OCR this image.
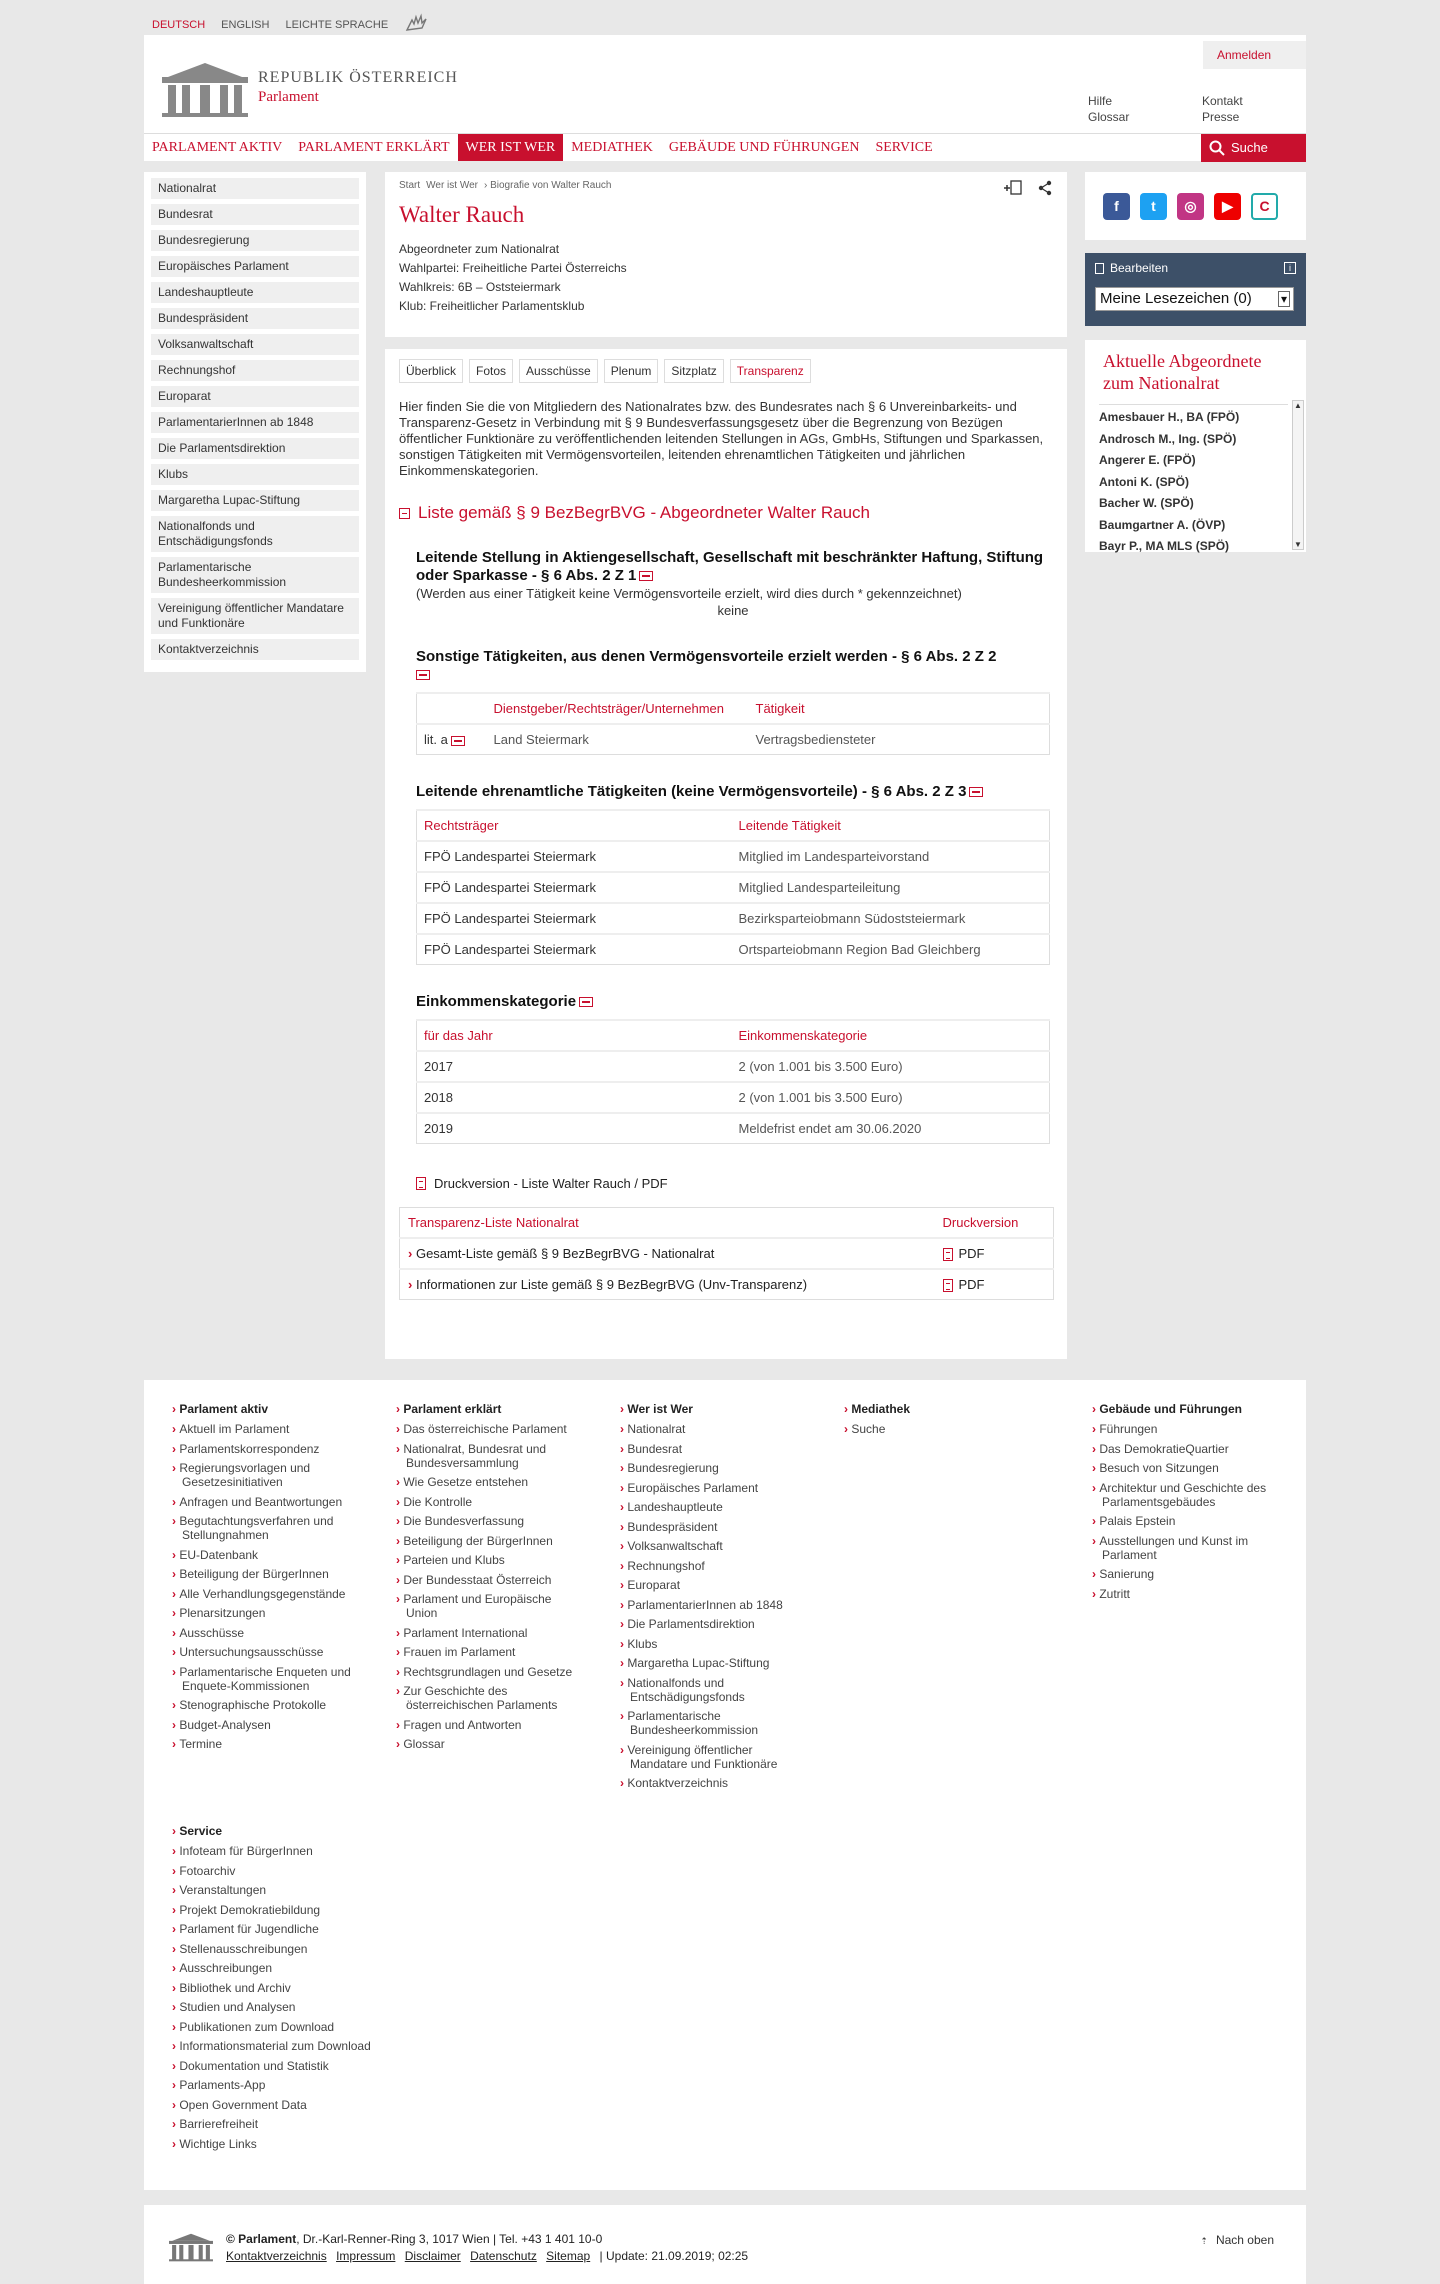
DEUTSCH ENGLISH LEICHTE SPRACHE
REPUBLIK ÖSTERREICH
Parlament
Anmelden
Hilfe
Glossar
Kontakt
Presse
PARLAMENT AKTIV	PARLAMENT ERKLÄRT	WER IST WER	MEDIATHEK	GEBÄUDE UND FÜHRUNGEN	SERVICE	Suche
Nationalrat
Bundesrat
Bundesregierung
Europäisches Parlament
Landeshauptleute
Bundespräsident
Volksanwaltschaft
Rechnungshof
Europarat
ParlamentarierInnen ab 1848
Die Parlamentsdirektion
Klubs
Margaretha Lupac-Stiftung
Nationalfonds und Entschädigungsfonds
Parlamentarische Bundesheerkommission
Vereinigung öffentlicher Mandatare und Funktionäre
Kontaktverzeichnis
Start Wer ist Wer	› Biografie von Walter Rauch
Walter Rauch
Abgeordneter zum Nationalrat
Wahlpartei: Freiheitliche Partei Österreichs
Wahlkreis: 6B – Oststeiermark
Klub: Freiheitlicher Parlamentsklub
Überblick	Fotos	Ausschüsse	Plenum	Sitzplatz	Transparenz

Hier finden Sie die von Mitgliedern des Nationalrates bzw. des Bundesrates nach § 6 Unvereinbarkeits- und Transparenz-Gesetz in Verbindung mit § 9 Bundesverfassungsgesetz über die Begrenzung von Bezügen öffentlicher Funktionäre zu veröffentlichenden leitenden Stellungen in AGs, GmbHs, Stiftungen und Sparkassen, sonstigen Tätigkeiten mit Vermögensvorteilen, leitenden ehrenamtlichen Tätigkeiten und jährlichen Einkommenskategorien.

Liste gemäß § 9 BezBegrBVG - Abgeordneter Walter Rauch
Leitende Stellung in Aktiengesellschaft, Gesellschaft mit beschränkter Haftung, Stiftung oder Sparkasse - § 6 Abs. 2 Z 1
(Werden aus einer Tätigkeit keine Vermögensvorteile erzielt, wird dies durch * gekennzeichnet)
keine
Sonstige Tätigkeiten, aus denen Vermögensvorteile erzielt werden - § 6 Abs. 2 Z 2

	Dienstgeber/Rechtsträger/Unternehmen	Tätigkeit
lit. a	Land Steiermark	Vertragsbediensteter
Leitende ehrenamtliche Tätigkeiten (keine Vermögensvorteile) - § 6 Abs. 2 Z 3
Rechtsträger	Leitende Tätigkeit
FPÖ Landespartei Steiermark	Mitglied im Landesparteivorstand
FPÖ Landespartei Steiermark	Mitglied Landesparteileitung
FPÖ Landespartei Steiermark	Bezirksparteiobmann Südoststeiermark
FPÖ Landespartei Steiermark	Ortsparteiobmann Region Bad Gleichberg
Einkommenskategorie
für das Jahr	Einkommenskategorie
2017	2 (von 1.001 bis 3.500 Euro)
2018	2 (von 1.001 bis 3.500 Euro)
2019	Meldefrist endet am 30.06.2020
Druckversion - Liste Walter Rauch / PDF
Transparenz-Liste Nationalrat	Druckversion
› Gesamt-Liste gemäß § 9 BezBegrBVG - Nationalrat	PDF
› Informationen zur Liste gemäß § 9 BezBegrBVG (Unv-Transparenz)	PDF
f	t	◎	▶	C
Bearbeiten	i
Meine Lesezeichen (0) ▾
Aktuelle Abgeordnete zum Nationalrat
Amesbauer H., BA (FPÖ)
Androsch M., Ing. (SPÖ)
Angerer E. (FPÖ)
Antoni K. (SPÖ)
Bacher W. (SPÖ)
Baumgartner A. (ÖVP)
Bayr P., MA MLS (SPÖ)
▲
▼
› Parlament aktiv
› Aktuell im Parlament
› Parlamentskorrespondenz
› Regierungsvorlagen und Gesetzesinitiativen
› Anfragen und Beantwortungen
› Begutachtungsverfahren und Stellungnahmen
› EU-Datenbank
› Beteiligung der BürgerInnen
› Alle Verhandlungsgegenstände
› Plenarsitzungen
› Ausschüsse
› Untersuchungsausschüsse
› Parlamentarische Enqueten und Enquete-Kommissionen
› Stenographische Protokolle
› Budget-Analysen
› Termine
› Parlament erklärt
› Das österreichische Parlament
› Nationalrat, Bundesrat und Bundesversammlung
› Wie Gesetze entstehen
› Die Kontrolle
› Die Bundesverfassung
› Beteiligung der BürgerInnen
› Parteien und Klubs
› Der Bundesstaat Österreich
› Parlament und Europäische Union
› Parlament International
› Frauen im Parlament
› Rechtsgrundlagen und Gesetze
› Zur Geschichte des österreichischen Parlaments
› Fragen und Antworten
› Glossar
› Wer ist Wer
› Nationalrat
› Bundesrat
› Bundesregierung
› Europäisches Parlament
› Landeshauptleute
› Bundespräsident
› Volksanwaltschaft
› Rechnungshof
› Europarat
› ParlamentarierInnen ab 1848
› Die Parlamentsdirektion
› Klubs
› Margaretha Lupac-Stiftung
› Nationalfonds und Entschädigungsfonds
› Parlamentarische Bundesheerkommission
› Vereinigung öffentlicher Mandatare und Funktionäre
› Kontaktverzeichnis
› Mediathek
› Suche
› Gebäude und Führungen
› Führungen
› Das DemokratieQuartier
› Besuch von Sitzungen
› Architektur und Geschichte des Parlamentsgebäudes
› Palais Epstein
› Ausstellungen und Kunst im Parlament
› Sanierung
› Zutritt
› Service
› Infoteam für BürgerInnen
› Fotoarchiv
› Veranstaltungen
› Projekt Demokratiebildung
› Parlament für Jugendliche
› Stellenausschreibungen
› Ausschreibungen
› Bibliothek und Archiv
› Studien und Analysen
› Publikationen zum Download
› Informationsmaterial zum Download
› Dokumentation und Statistik
› Parlaments-App
› Open Government Data
› Barrierefreiheit
› Wichtige Links
© Parlament, Dr.-Karl-Renner-Ring 3, 1017 Wien | Tel. +43 1 401 10-0
Kontaktverzeichnis Impressum Disclaimer Datenschutz Sitemap | Update: 21.09.2019; 02:25
⇡ Nach oben
